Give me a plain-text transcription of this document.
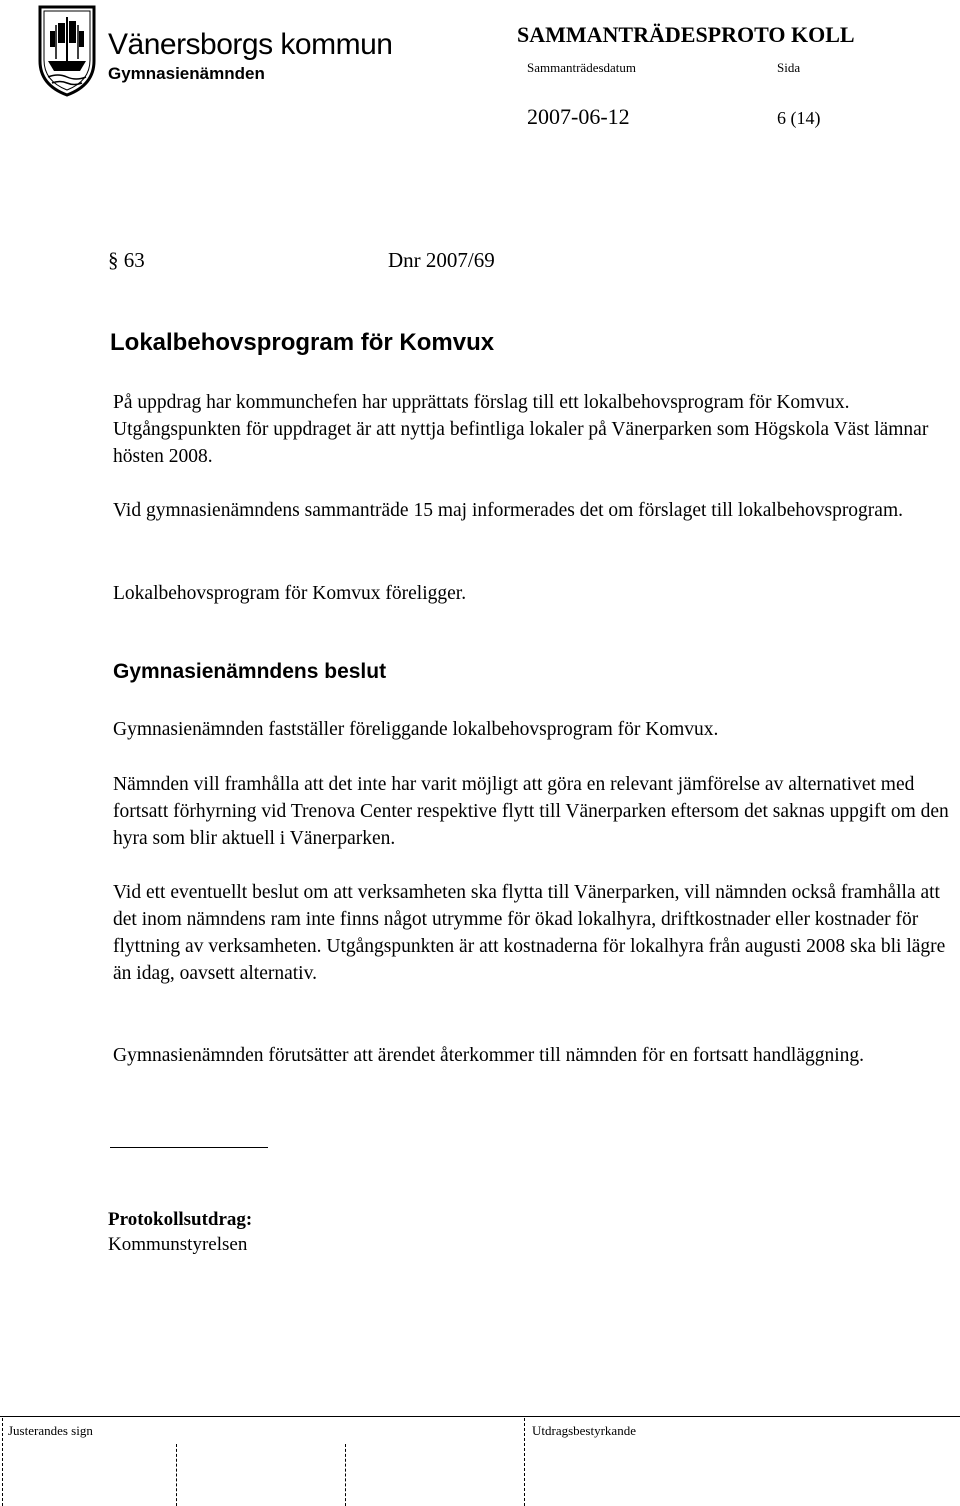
Vänersborgs kommun
Gymnasienämnden
SAMMANTRÄDESPROTO KOLL
Sammanträdesdatum	Sida
2007-06-12	6 (14)
§ 63	Dnr 2007/69
Lokalbehovsprogram för Komvux
På uppdrag har kommunchefen har upprättats förslag till ett lokalbehovsprogram för Komvux. Utgångspunkten för uppdraget är att nyttja befintliga lokaler på Vänerparken som Högskola Väst lämnar hösten 2008.
Vid gymnasienämndens sammanträde 15 maj informerades det om förslaget till lokalbehovsprogram.
Lokalbehovsprogram för Komvux föreligger.
Gymnasienämndens beslut
Gymnasienämnden fastställer föreliggande lokalbehovsprogram för Komvux.
Nämnden vill framhålla att det inte har varit möjligt att göra en relevant jämförelse av alternativet med fortsatt förhyrning vid Trenova Center respektive flytt till Vänerparken eftersom det saknas uppgift om den hyra som blir aktuell i Vänerparken.
Vid ett eventuellt beslut om att verksamheten ska flytta till Vänerparken, vill nämnden också framhålla att det inom nämndens ram inte finns något utrymme för ökad lokalhyra, driftkostnader eller kostnader för flyttning av verksamheten. Utgångspunkten är att kostnaderna för lokalhyra från augusti 2008 ska bli lägre än idag, oavsett alternativ.
Gymnasienämnden förutsätter att ärendet återkommer till nämnden för en fortsatt handläggning.
Protokollsutdrag:
Kommunstyrelsen
Justerandes sign	Utdragsbestyrkande
